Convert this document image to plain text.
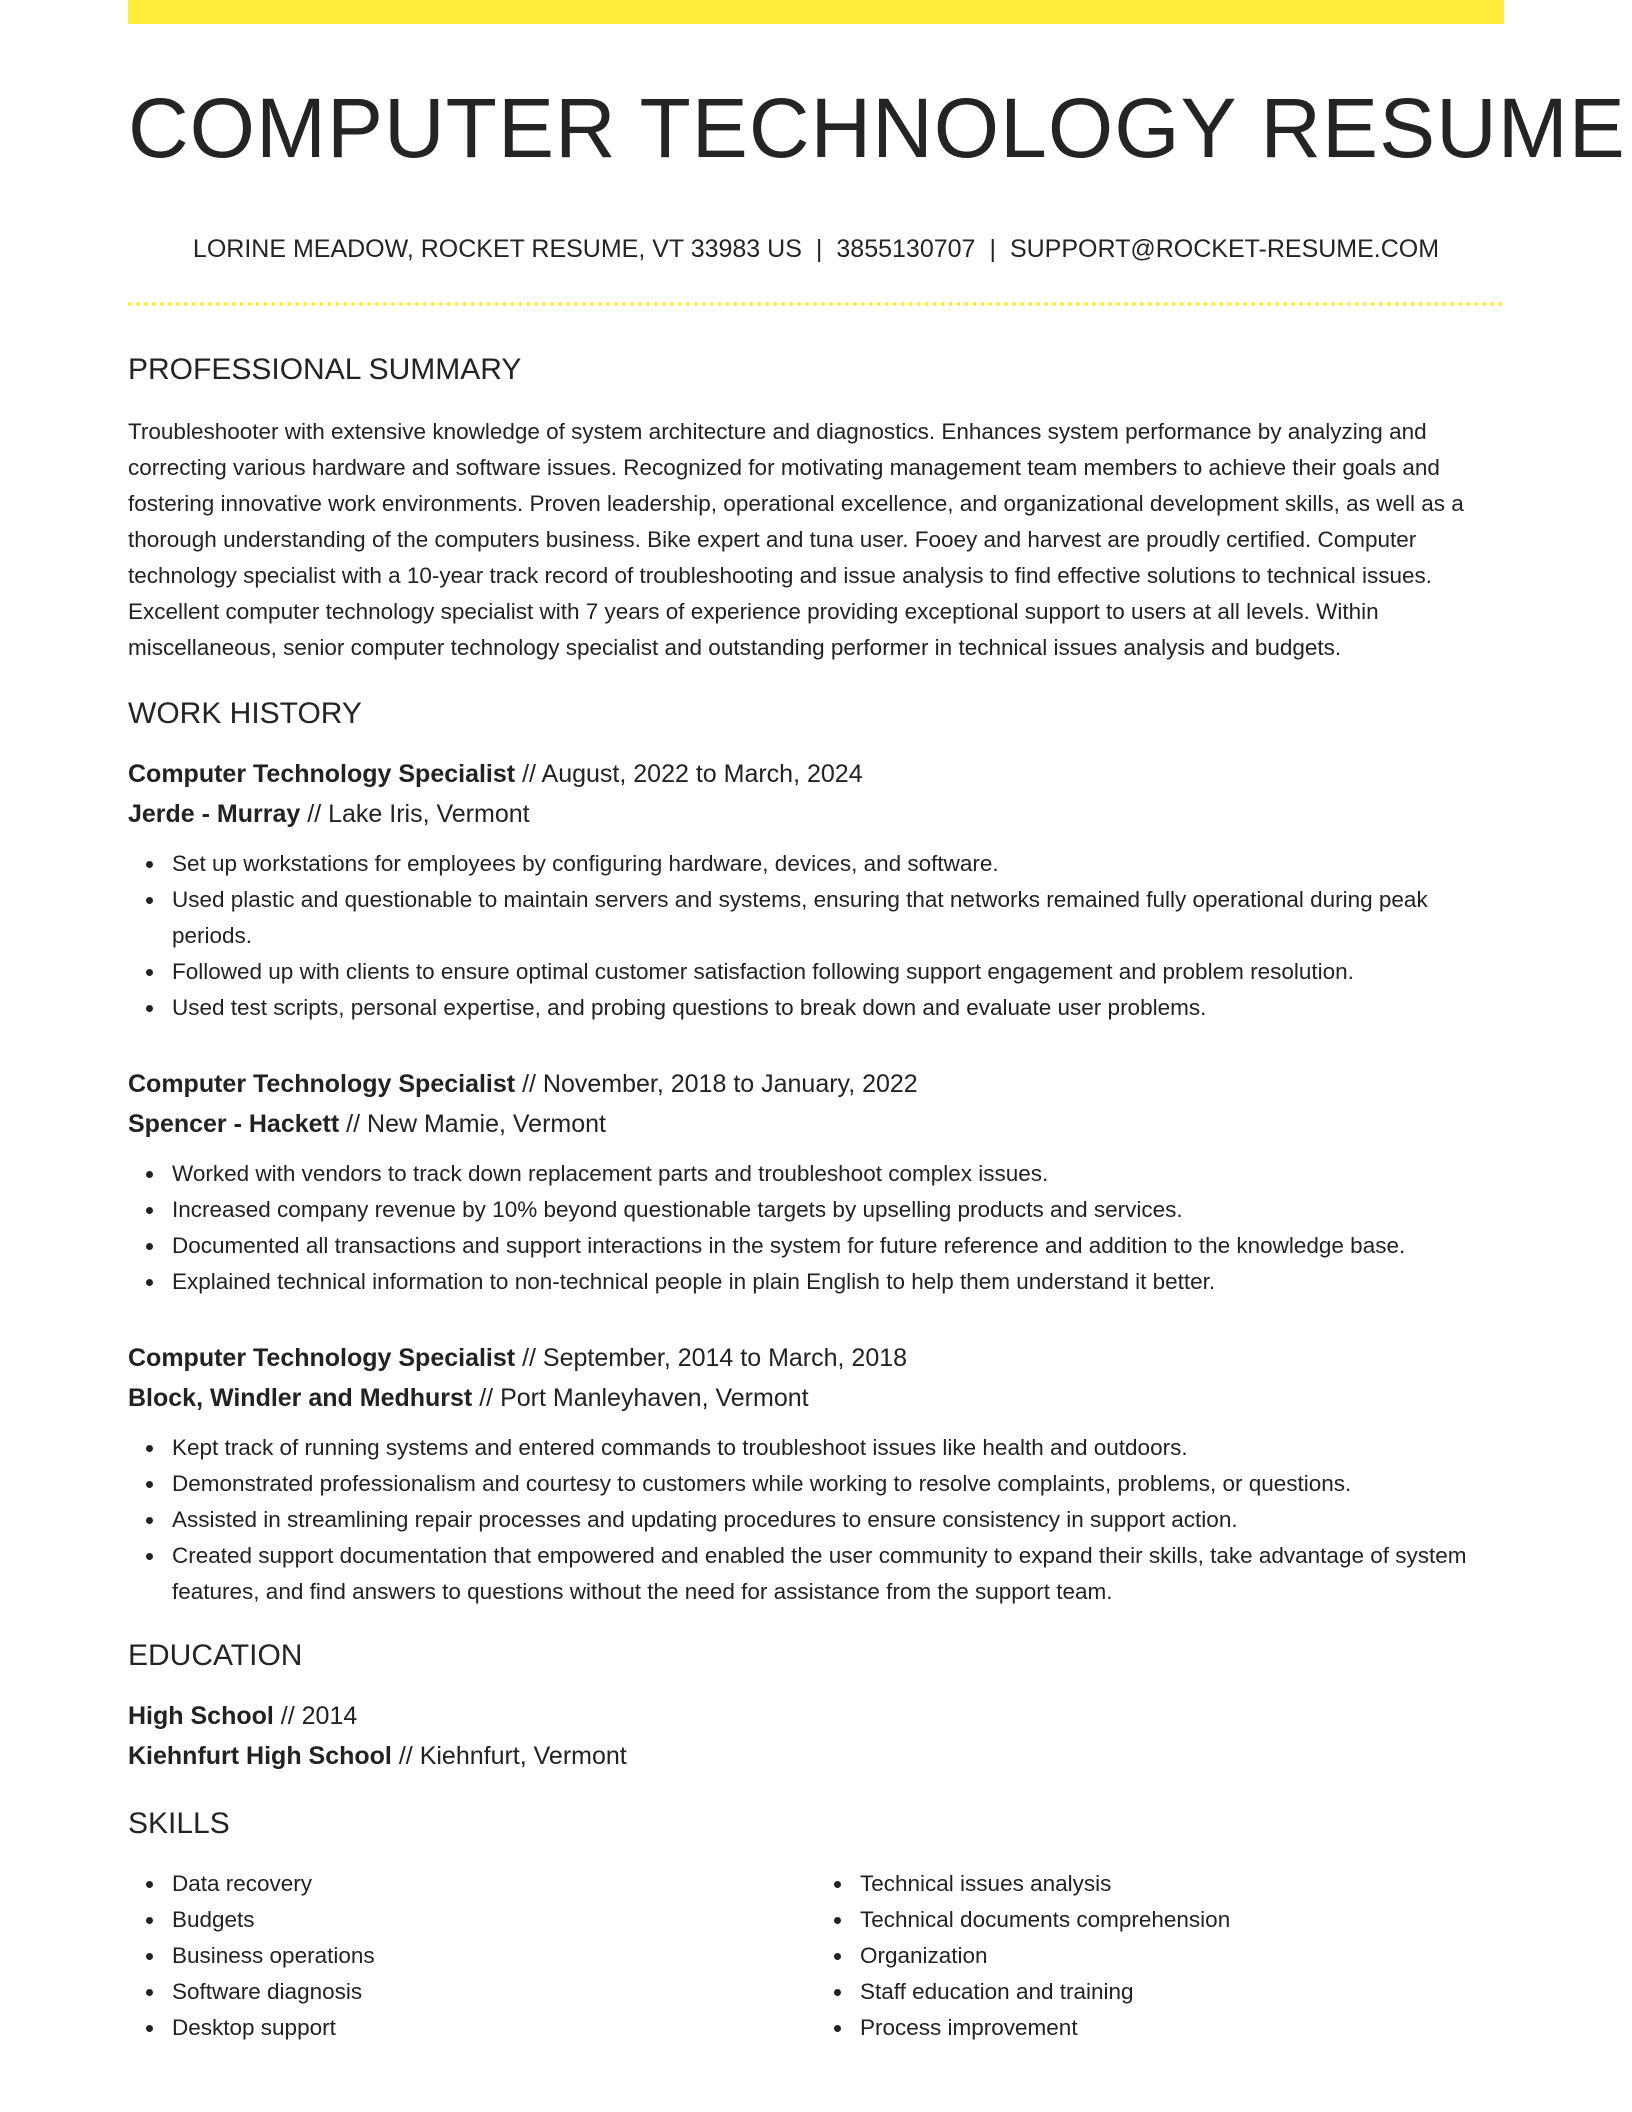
COMPUTER TECHNOLOGY RESUME
LORINE MEADOW, ROCKET RESUME, VT 33983 US | 3855130707 | SUPPORT@ROCKET-RESUME.COM
PROFESSIONAL SUMMARY

Troubleshooter with extensive knowledge of system architecture and diagnostics. Enhances system performance by analyzing and correcting various hardware and software issues. Recognized for motivating management team members to achieve their goals and fostering innovative work environments. Proven leadership, operational excellence, and organizational development skills, as well as a thorough understanding of the computers business. Bike expert and tuna user. Fooey and harvest are proudly certified. Computer technology specialist with a 10-year track record of troubleshooting and issue analysis to find effective solutions to technical issues. Excellent computer technology specialist with 7 years of experience providing exceptional support to users at all levels. Within miscellaneous, senior computer technology specialist and outstanding performer in technical issues analysis and budgets.

WORK HISTORY
Computer Technology Specialist // August, 2022 to March, 2024
Jerde - Murray // Lake Iris, Vermont
Set up workstations for employees by configuring hardware, devices, and software.
Used plastic and questionable to maintain servers and systems, ensuring that networks remained fully operational during peak periods.
Followed up with clients to ensure optimal customer satisfaction following support engagement and problem resolution.
Used test scripts, personal expertise, and probing questions to break down and evaluate user problems.
Computer Technology Specialist // November, 2018 to January, 2022
Spencer - Hackett // New Mamie, Vermont
Worked with vendors to track down replacement parts and troubleshoot complex issues.
Increased company revenue by 10% beyond questionable targets by upselling products and services.
Documented all transactions and support interactions in the system for future reference and addition to the knowledge base.
Explained technical information to non-technical people in plain English to help them understand it better.
Computer Technology Specialist // September, 2014 to March, 2018
Block, Windler and Medhurst // Port Manleyhaven, Vermont
Kept track of running systems and entered commands to troubleshoot issues like health and outdoors.
Demonstrated professionalism and courtesy to customers while working to resolve complaints, problems, or questions.
Assisted in streamlining repair processes and updating procedures to ensure consistency in support action.
Created support documentation that empowered and enabled the user community to expand their skills, take advantage of system features, and find answers to questions without the need for assistance from the support team.
EDUCATION
High School // 2014
Kiehnfurt High School // Kiehnfurt, Vermont
SKILLS
Data recovery
Budgets
Business operations
Software diagnosis
Desktop support
Technical issues analysis
Technical documents comprehension
Organization
Staff education and training
Process improvement
